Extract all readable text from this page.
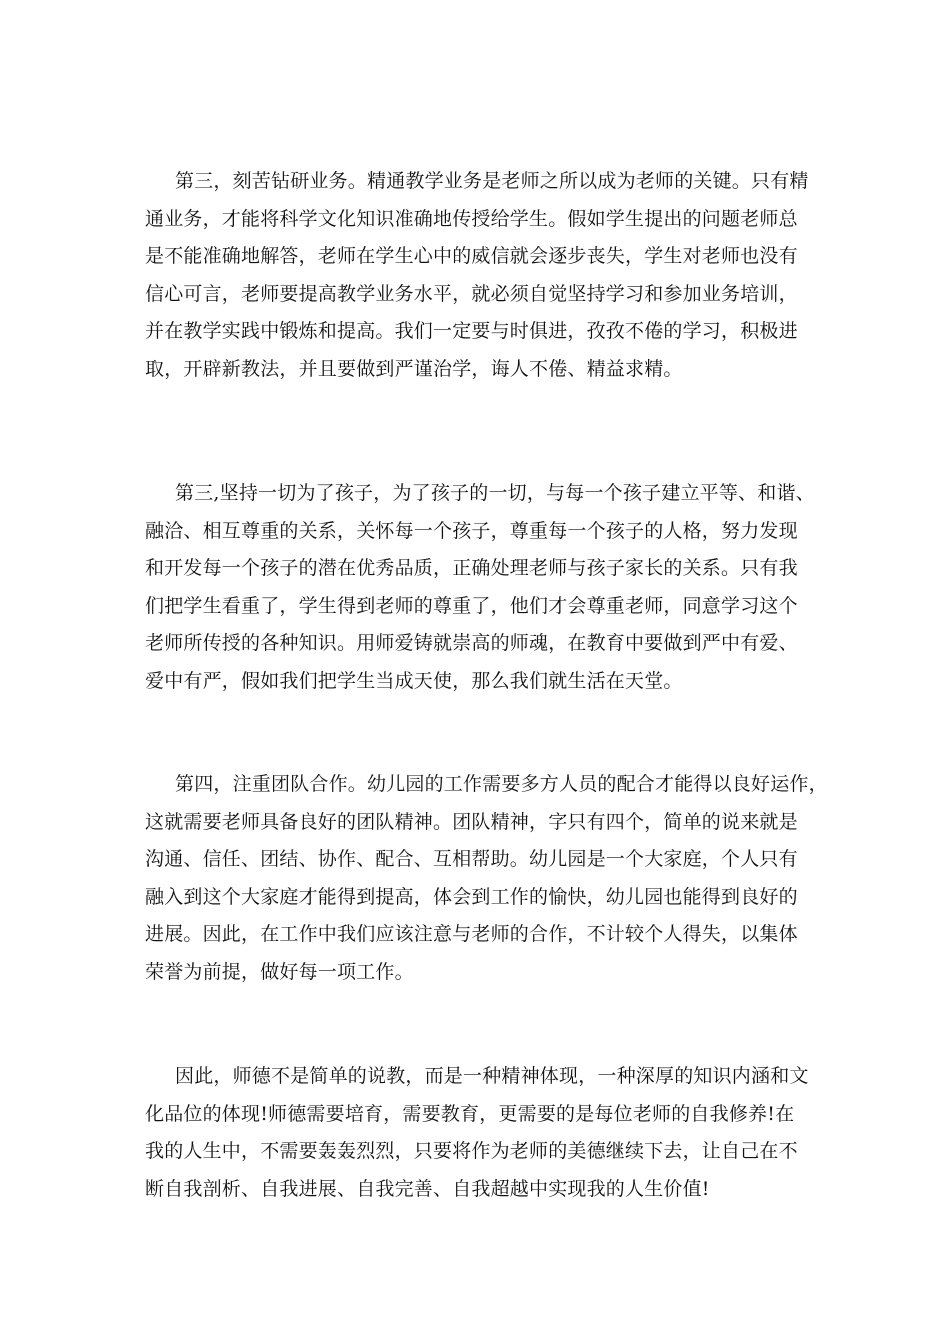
第三，刻苦钻研业务。精通教学业务是老师之所以成为老师的关键。只有精
通业务，才能将科学文化知识准确地传授给学生。假如学生提出的问题老师总
是不能准确地解答，老师在学生心中的威信就会逐步丧失，学生对老师也没有
信心可言，老师要提高教学业务水平，就必须自觉坚持学习和参加业务培训，
并在教学实践中锻炼和提高。我们一定要与时俱进，孜孜不倦的学习，积极进
取，开辟新教法，并且要做到严谨治学，诲人不倦、精益求精。
第三,坚持一切为了孩子，为了孩子的一切，与每一个孩子建立平等、和谐、
融洽、相互尊重的关系，关怀每一个孩子，尊重每一个孩子的人格，努力发现
和开发每一个孩子的潜在优秀品质，正确处理老师与孩子家长的关系。只有我
们把学生看重了，学生得到老师的尊重了，他们才会尊重老师，同意学习这个
老师所传授的各种知识。用师爱铸就崇高的师魂，在教育中要做到严中有爱、
爱中有严，假如我们把学生当成天使，那么我们就生活在天堂。
第四，注重团队合作。幼儿园的工作需要多方人员的配合才能得以良好运作，
这就需要老师具备良好的团队精神。团队精神，字只有四个，简单的说来就是
沟通、信任、团结、协作、配合、互相帮助。幼儿园是一个大家庭，个人只有
融入到这个大家庭才能得到提高，体会到工作的愉快，幼儿园也能得到良好的
进展。因此，在工作中我们应该注意与老师的合作，不计较个人得失，以集体
荣誉为前提，做好每一项工作。
因此，师德不是简单的说教，而是一种精神体现，一种深厚的知识内涵和文
化品位的体现!师德需要培育，需要教育，更需要的是每位老师的自我修养!在
我的人生中，不需要轰轰烈烈，只要将作为老师的美德继续下去，让自己在不
断自我剖析、自我进展、自我完善、自我超越中实现我的人生价值!
